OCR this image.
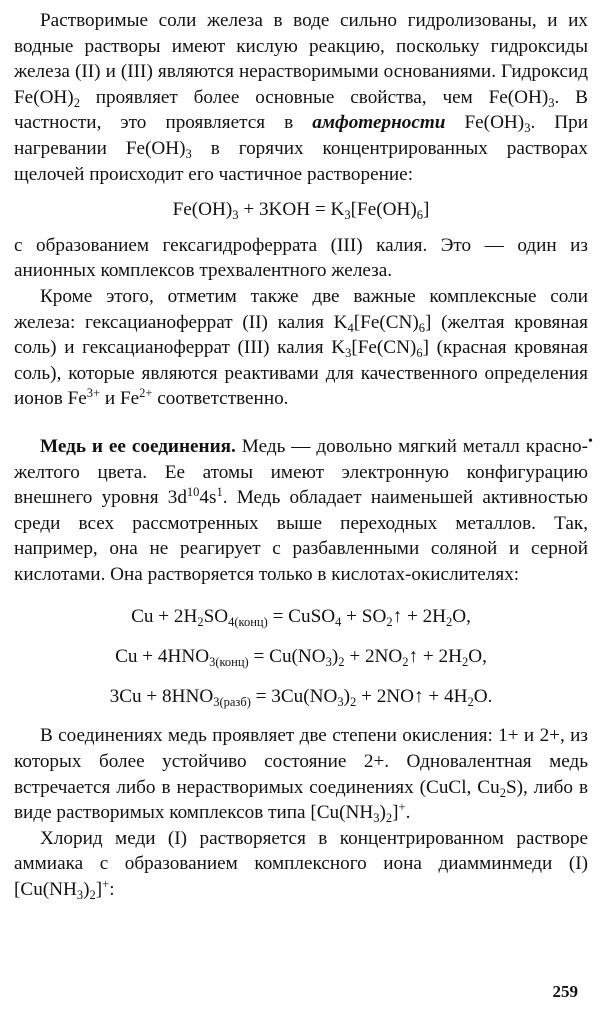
Растворимые соли железа в воде сильно гидролизованы, и их водные растворы имеют кислую реакцию, поскольку гидроксиды железа (II) и (III) являются нерастворимыми основаниями. Гидроксид $Fe(OH)_2$ проявляет более основные свойства, чем $Fe(OH)_3$. В частности, это проявляется в амфотерности $Fe(OH)_3$. При нагревании $Fe(OH)_3$ в горячих концентрированных растворах щелочей происходит его частичное растворение:

$Fe(OH)_3 + 3KOH = K_3[Fe(OH)_6]$

с образованием гексагидроферрата (III) калия. Это — один из анионных комплексов трехвалентного железа.

Кроме этого, отметим также две важные комплексные соли железа: гексацианоферрат (II) калия $K_4[Fe(CN)_6]$ (желтая кровяная соль) и гексацианоферрат (III) калия $K_3[Fe(CN)_6]$ (красная кровяная соль), которые являются реактивами для качественного определения ионов $Fe^{3+}$ и $Fe^{2+}$ соответственно.

Медь и ее соединения. Медь — довольно мягкий металл красно-желтого цвета. Ее атомы имеют электронную конфигурацию внешнего уровня $3d^{10}4s^1$. Медь обладает наименьшей активностью среди всех рассмотренных выше переходных металлов. Так, например, она не реагирует с разбавленными соляной и серной кислотами. Она растворяется только в кислотах-окислителях:

$Cu + 2H_2SO_{4(конц)}$ = CuSO$_4$ + $SO_2↑ + 2H_2O$,
$Cu + 4HNO_{3(конц)} = Cu(NO_3)_2$ + $2NO_2↑ + 2H_2O$,
$3Cu + 8HNO_{3(разб)} = 3Cu(NO_3)_2$ + 2NO↑ + $4H_2O$.

В соединениях медь проявляет две степени окисления: 1+ и 2+, из которых более устойчиво состояние 2+. Одновалентная медь встречается либо в нерастворимых соединениях (CuCl, $Cu_2S$), либо в виде растворимых комплексов типа $[Cu(NH_3)_2]^+$.

Хлорид меди (I) растворяется в концентрированном растворе аммиака с образованием комплексного иона диамминмеди (I) $[Cu(NH_3)_2]^+$:

•
259
